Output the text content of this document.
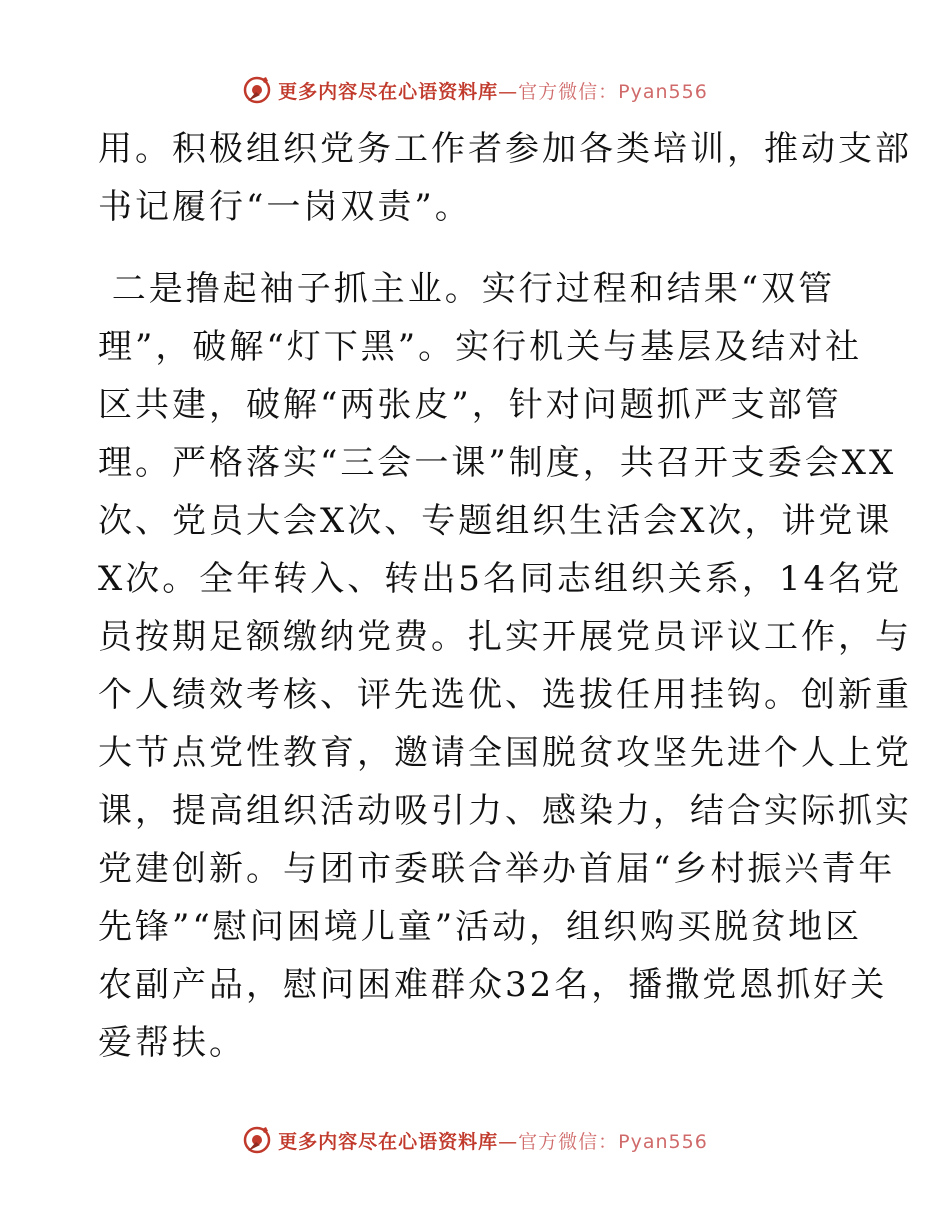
更多内容尽在心语资料库—官方微信：Pyan556

用。积极组织党务工作者参加各类培训，推动支部
书记履行“一岗双责”。

二是撸起袖子抓主业。实行过程和结果“双管
理”，破解“灯下黑”。实行机关与基层及结对社
区共建，破解“两张皮”，针对问题抓严支部管
理。严格落实“三会一课”制度，共召开支委会XX
次、党员大会X次、专题组织生活会X次，讲党课
X次。全年转入、转出5名同志组织关系，14名党
员按期足额缴纳党费。扎实开展党员评议工作，与
个人绩效考核、评先选优、选拔任用挂钩。创新重
大节点党性教育，邀请全国脱贫攻坚先进个人上党
课，提高组织活动吸引力、感染力，结合实际抓实
党建创新。与团市委联合举办首届“乡村振兴青年
先锋”“慰问困境儿童”活动，组织购买脱贫地区
农副产品，慰问困难群众32名，播撒党恩抓好关
爱帮扶。

更多内容尽在心语资料库—官方微信：Pyan556
